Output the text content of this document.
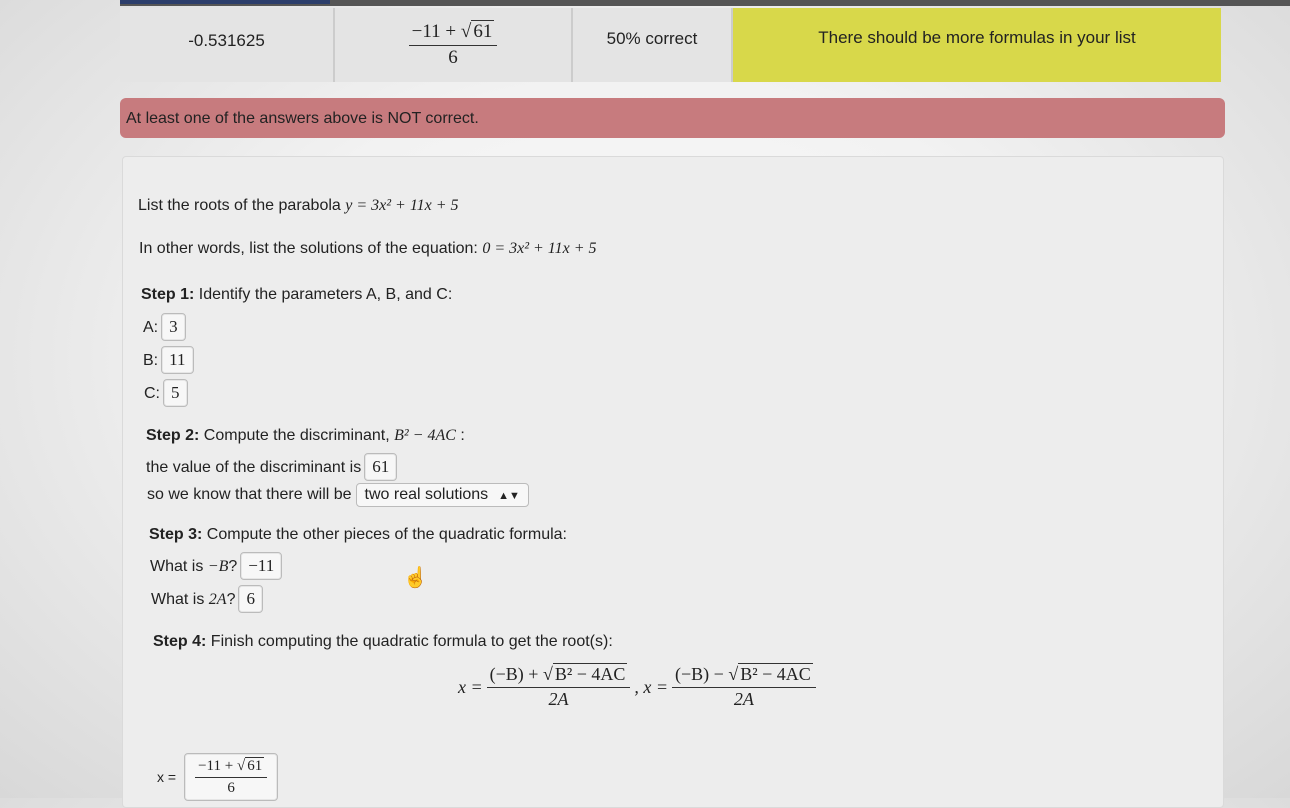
-0.531625	$\frac{-11 + √ 61}{6}$	50% correct	There should be more formulas in your list
At least one of the answers above is NOT correct.
List the roots of the parabola y = 3x² + 11x + 5
In other words, list the solutions of the equation: 0 = 3x² + 11x + 5
Step 1: Identify the parameters A, B, and C:
A: 3
B: 11
C: 5
Step 2: Compute the discriminant, B² − 4AC :
the value of the discriminant is 61
so we know that there will be two real solutions ▲▼
Step 3: Compute the other pieces of the quadratic formula:
What is −B? −11
What is 2A? 6
Step 4: Finish computing the quadratic formula to get the root(s):
$x = \frac{\text{(−B) + √ B² − 4AC}}{2A}$ , $x = \frac{\text{(−B) − √ B² − 4AC}}{2A}$
$x = \frac{-11 + √ 61}{6}$
☝
